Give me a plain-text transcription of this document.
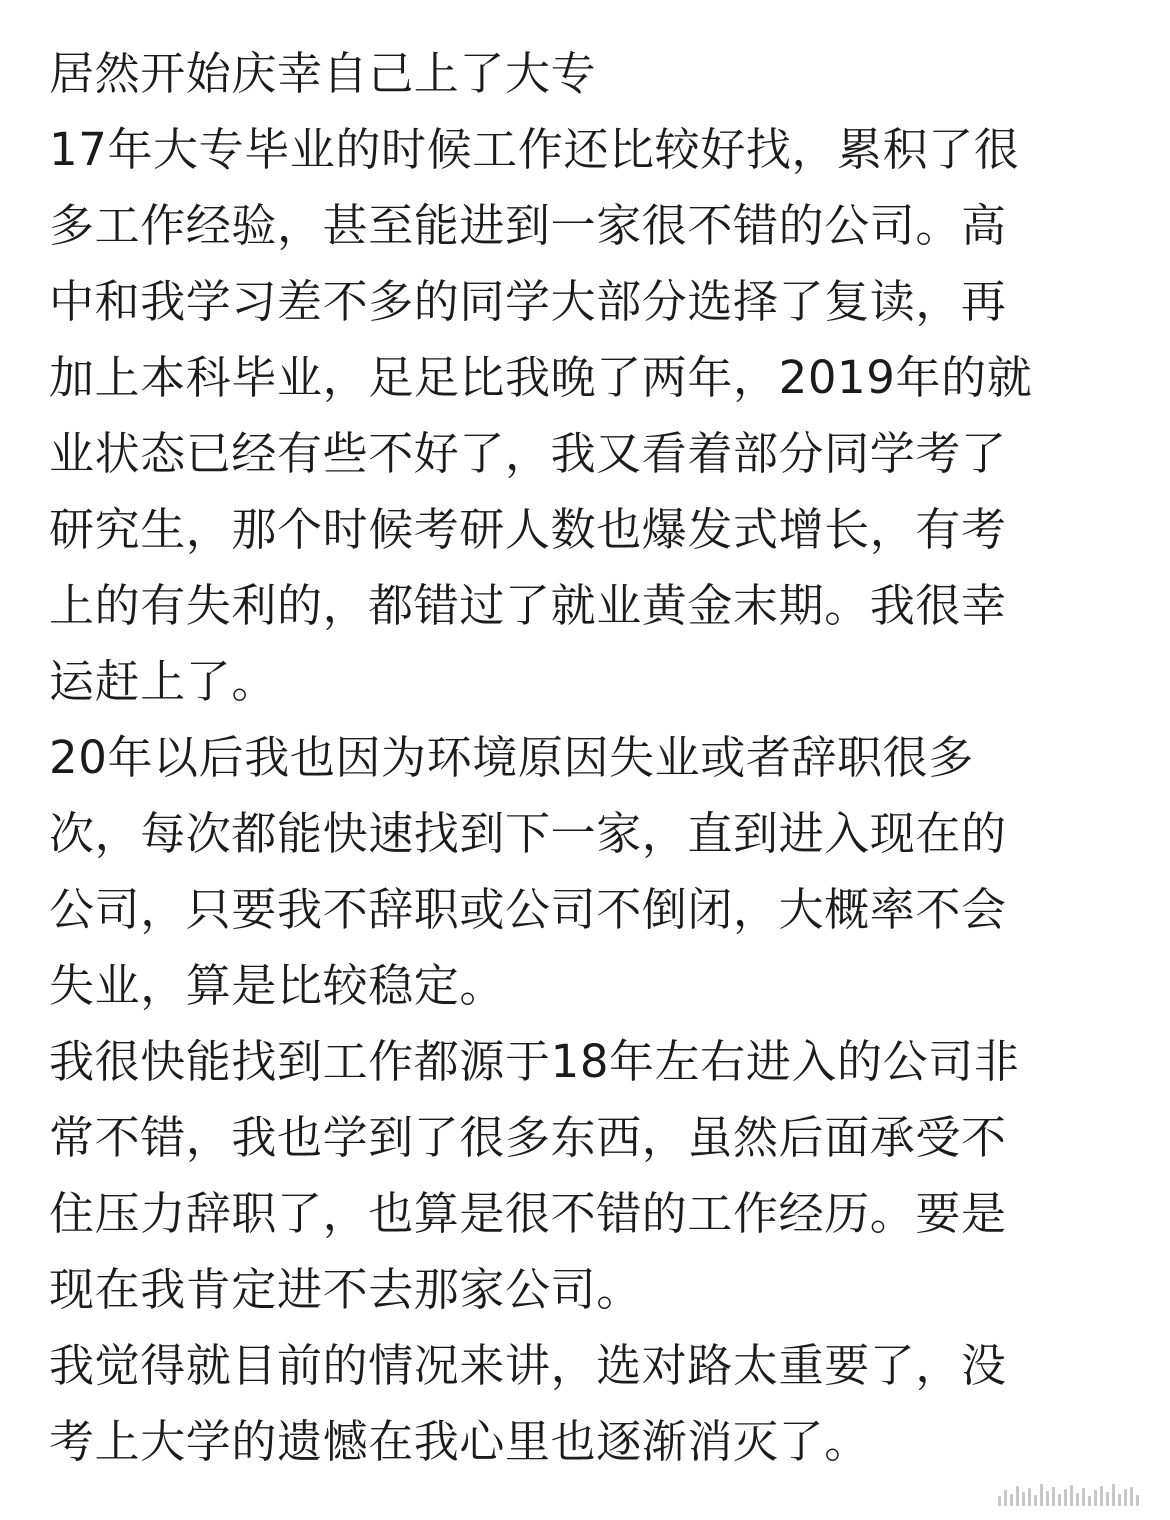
居然开始庆幸自己上了大专
17年大专毕业的时候工作还比较好找，累积了很
多工作经验，甚至能进到一家很不错的公司。高
中和我学习差不多的同学大部分选择了复读，再
加上本科毕业，足足比我晚了两年，2019年的就
业状态已经有些不好了，我又看着部分同学考了
研究生，那个时候考研人数也爆发式增长，有考
上的有失利的，都错过了就业黄金末期。我很幸
运赶上了。
20年以后我也因为环境原因失业或者辞职很多
次，每次都能快速找到下一家，直到进入现在的
公司，只要我不辞职或公司不倒闭，大概率不会
失业，算是比较稳定。
我很快能找到工作都源于18年左右进入的公司非
常不错，我也学到了很多东西，虽然后面承受不
住压力辞职了，也算是很不错的工作经历。要是
现在我肯定进不去那家公司。
我觉得就目前的情况来讲，选对路太重要了，没
考上大学的遗憾在我心里也逐渐消灭了。
